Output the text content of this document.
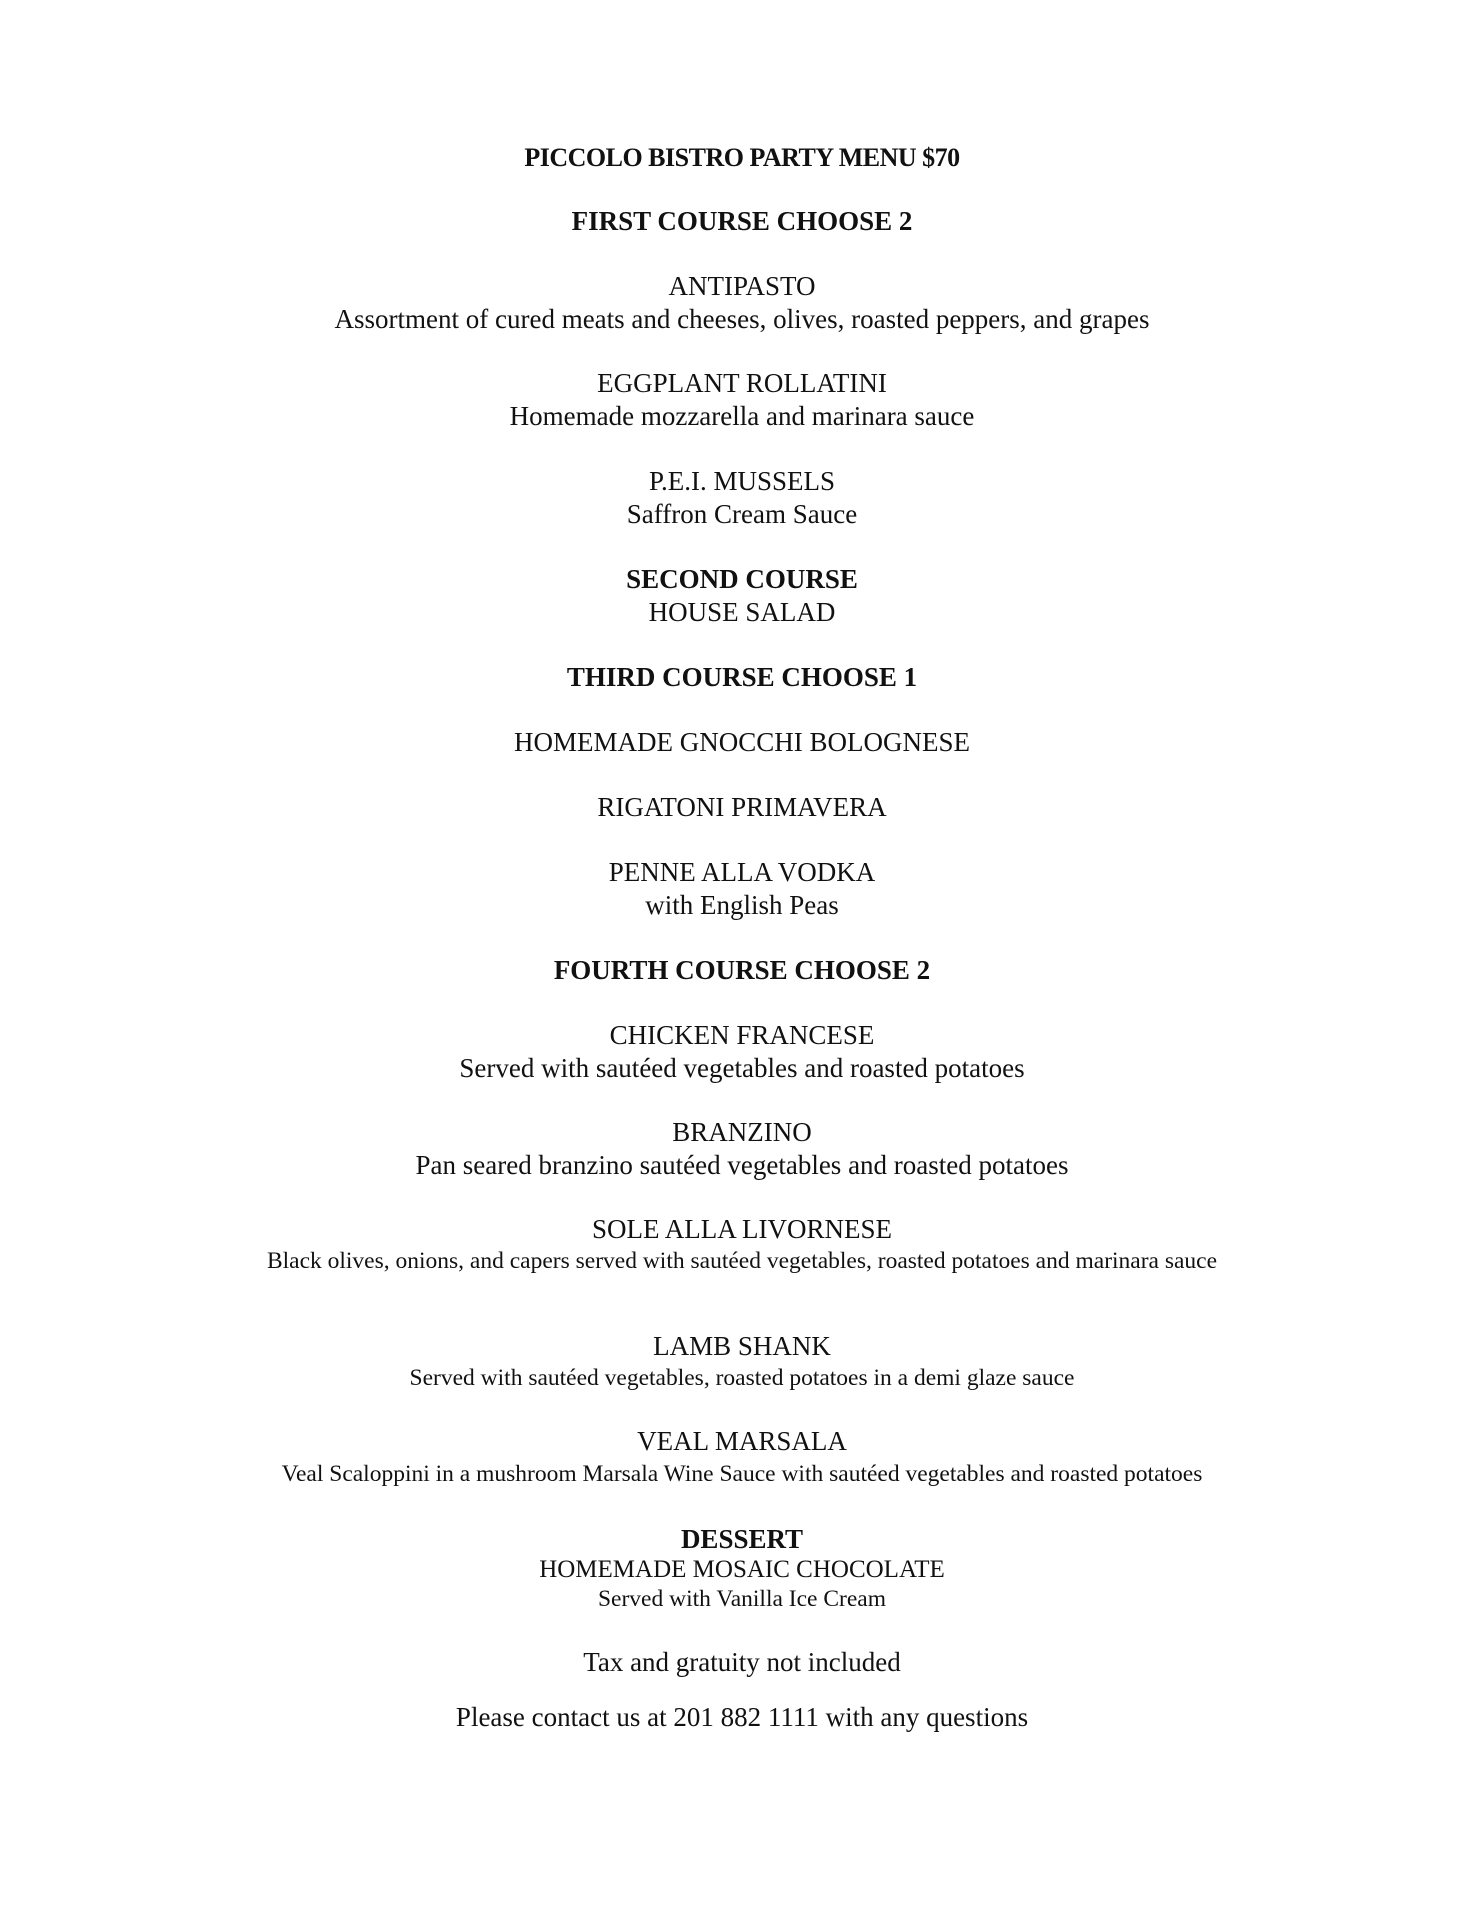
PICCOLO BISTRO PARTY MENU $70
FIRST COURSE CHOOSE 2
ANTIPASTO
Assortment of cured meats and cheeses, olives, roasted peppers, and grapes
EGGPLANT ROLLATINI
Homemade mozzarella and marinara sauce
P.E.I. MUSSELS
Saffron Cream Sauce
SECOND COURSE
HOUSE SALAD
THIRD COURSE CHOOSE 1
HOMEMADE GNOCCHI BOLOGNESE
RIGATONI PRIMAVERA
PENNE ALLA VODKA
with English Peas
FOURTH COURSE CHOOSE 2
CHICKEN FRANCESE
Served with sautéed vegetables and roasted potatoes
BRANZINO
Pan seared branzino sautéed vegetables and roasted potatoes
SOLE ALLA LIVORNESE
Black olives, onions, and capers served with sautéed vegetables, roasted potatoes and marinara sauce
LAMB SHANK
Served with sautéed vegetables, roasted potatoes in a demi glaze sauce
VEAL MARSALA
Veal Scaloppini in a mushroom Marsala Wine Sauce with sautéed vegetables and roasted potatoes
DESSERT
HOMEMADE MOSAIC CHOCOLATE
Served with Vanilla Ice Cream
Tax and gratuity not included
Please contact us at 201 882 1111 with any questions
